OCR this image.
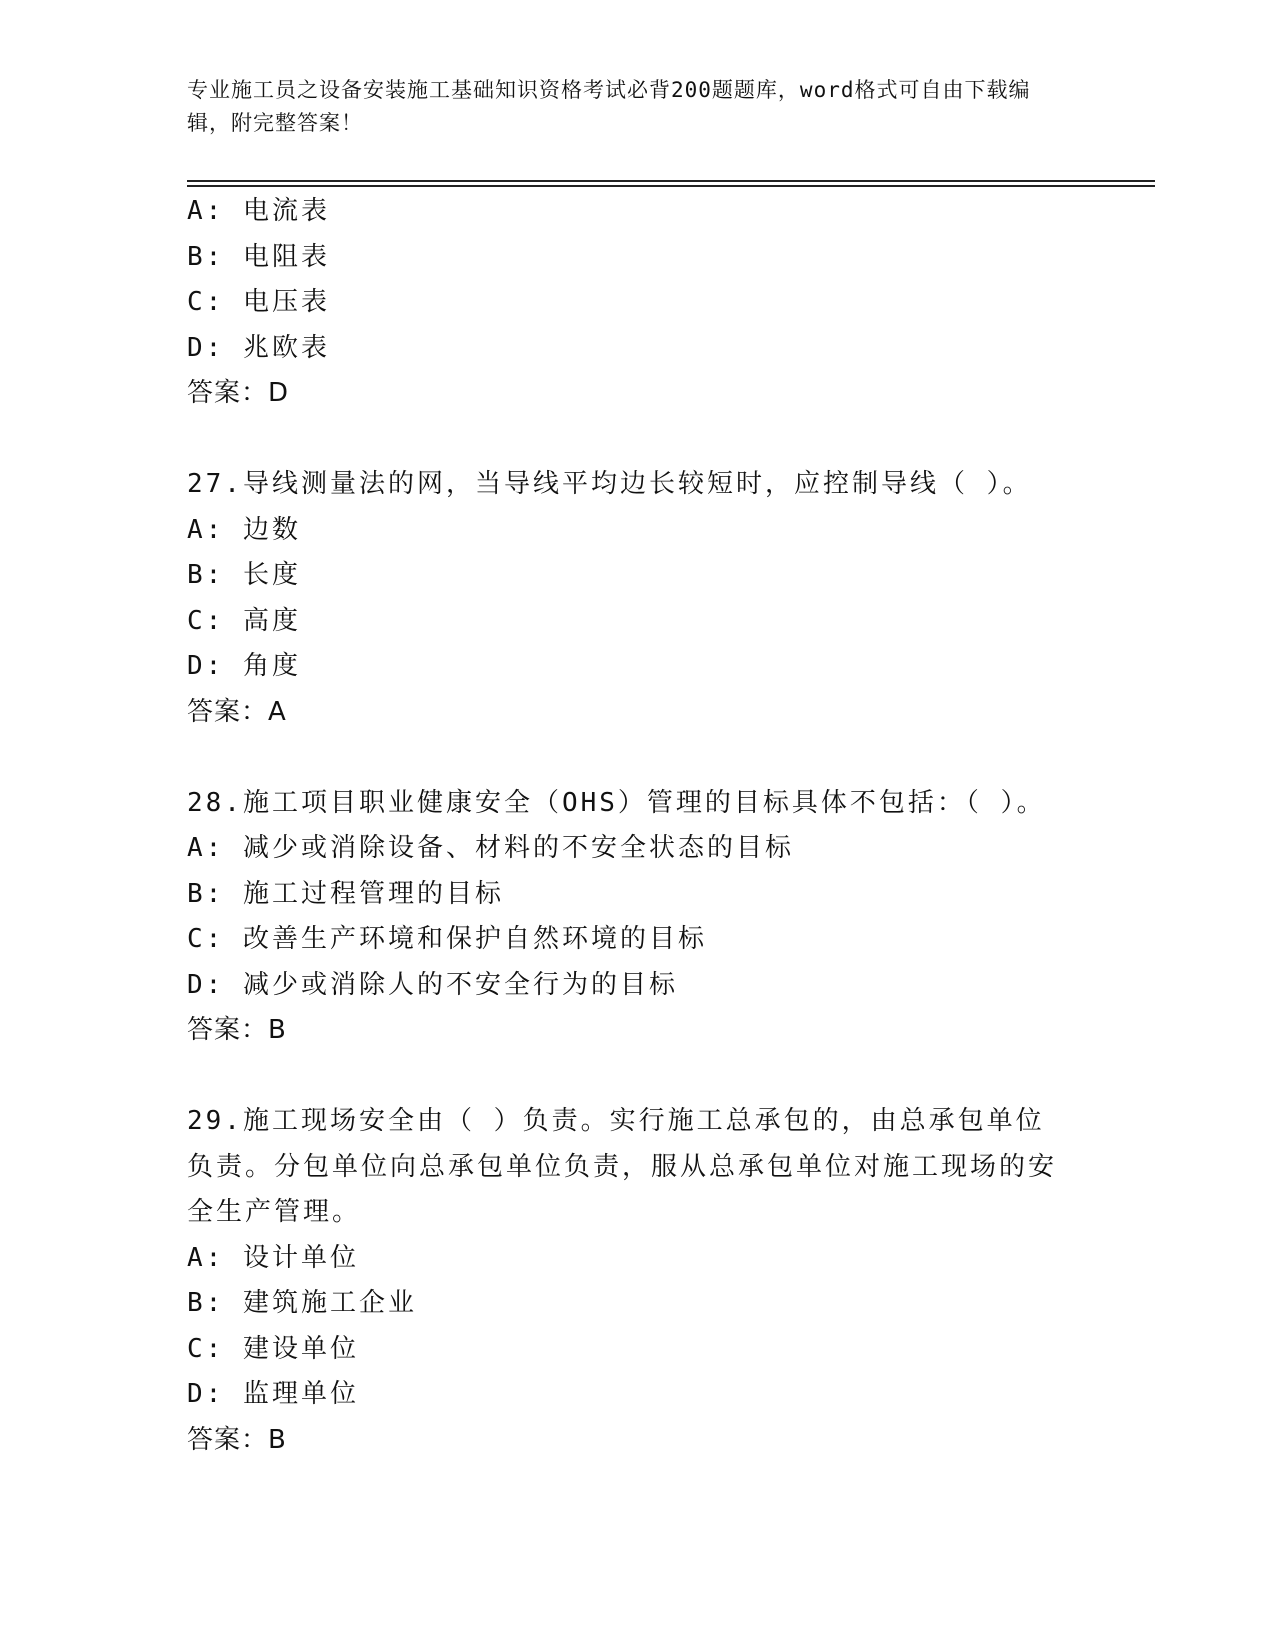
专业施工员之设备安装施工基础知识资格考试必背200题题库，word格式可自由下载编辑，附完整答案！
A: 电流表
B: 电阻表
C: 电压表
D: 兆欧表
答案：D
27.导线测量法的网，当导线平均边长较短时，应控制导线（ ）。
A: 边数
B: 长度
C: 高度
D: 角度
答案：A
28.施工项目职业健康安全（OHS）管理的目标具体不包括：（ ）。
A: 减少或消除设备、材料的不安全状态的目标
B: 施工过程管理的目标
C: 改善生产环境和保护自然环境的目标
D: 减少或消除人的不安全行为的目标
答案：B
29.施工现场安全由（ ）负责。实行施工总承包的，由总承包单位负责。分包单位向总承包单位负责，服从总承包单位对施工现场的安全生产管理。
A: 设计单位
B: 建筑施工企业
C: 建设单位
D: 监理单位
答案：B
